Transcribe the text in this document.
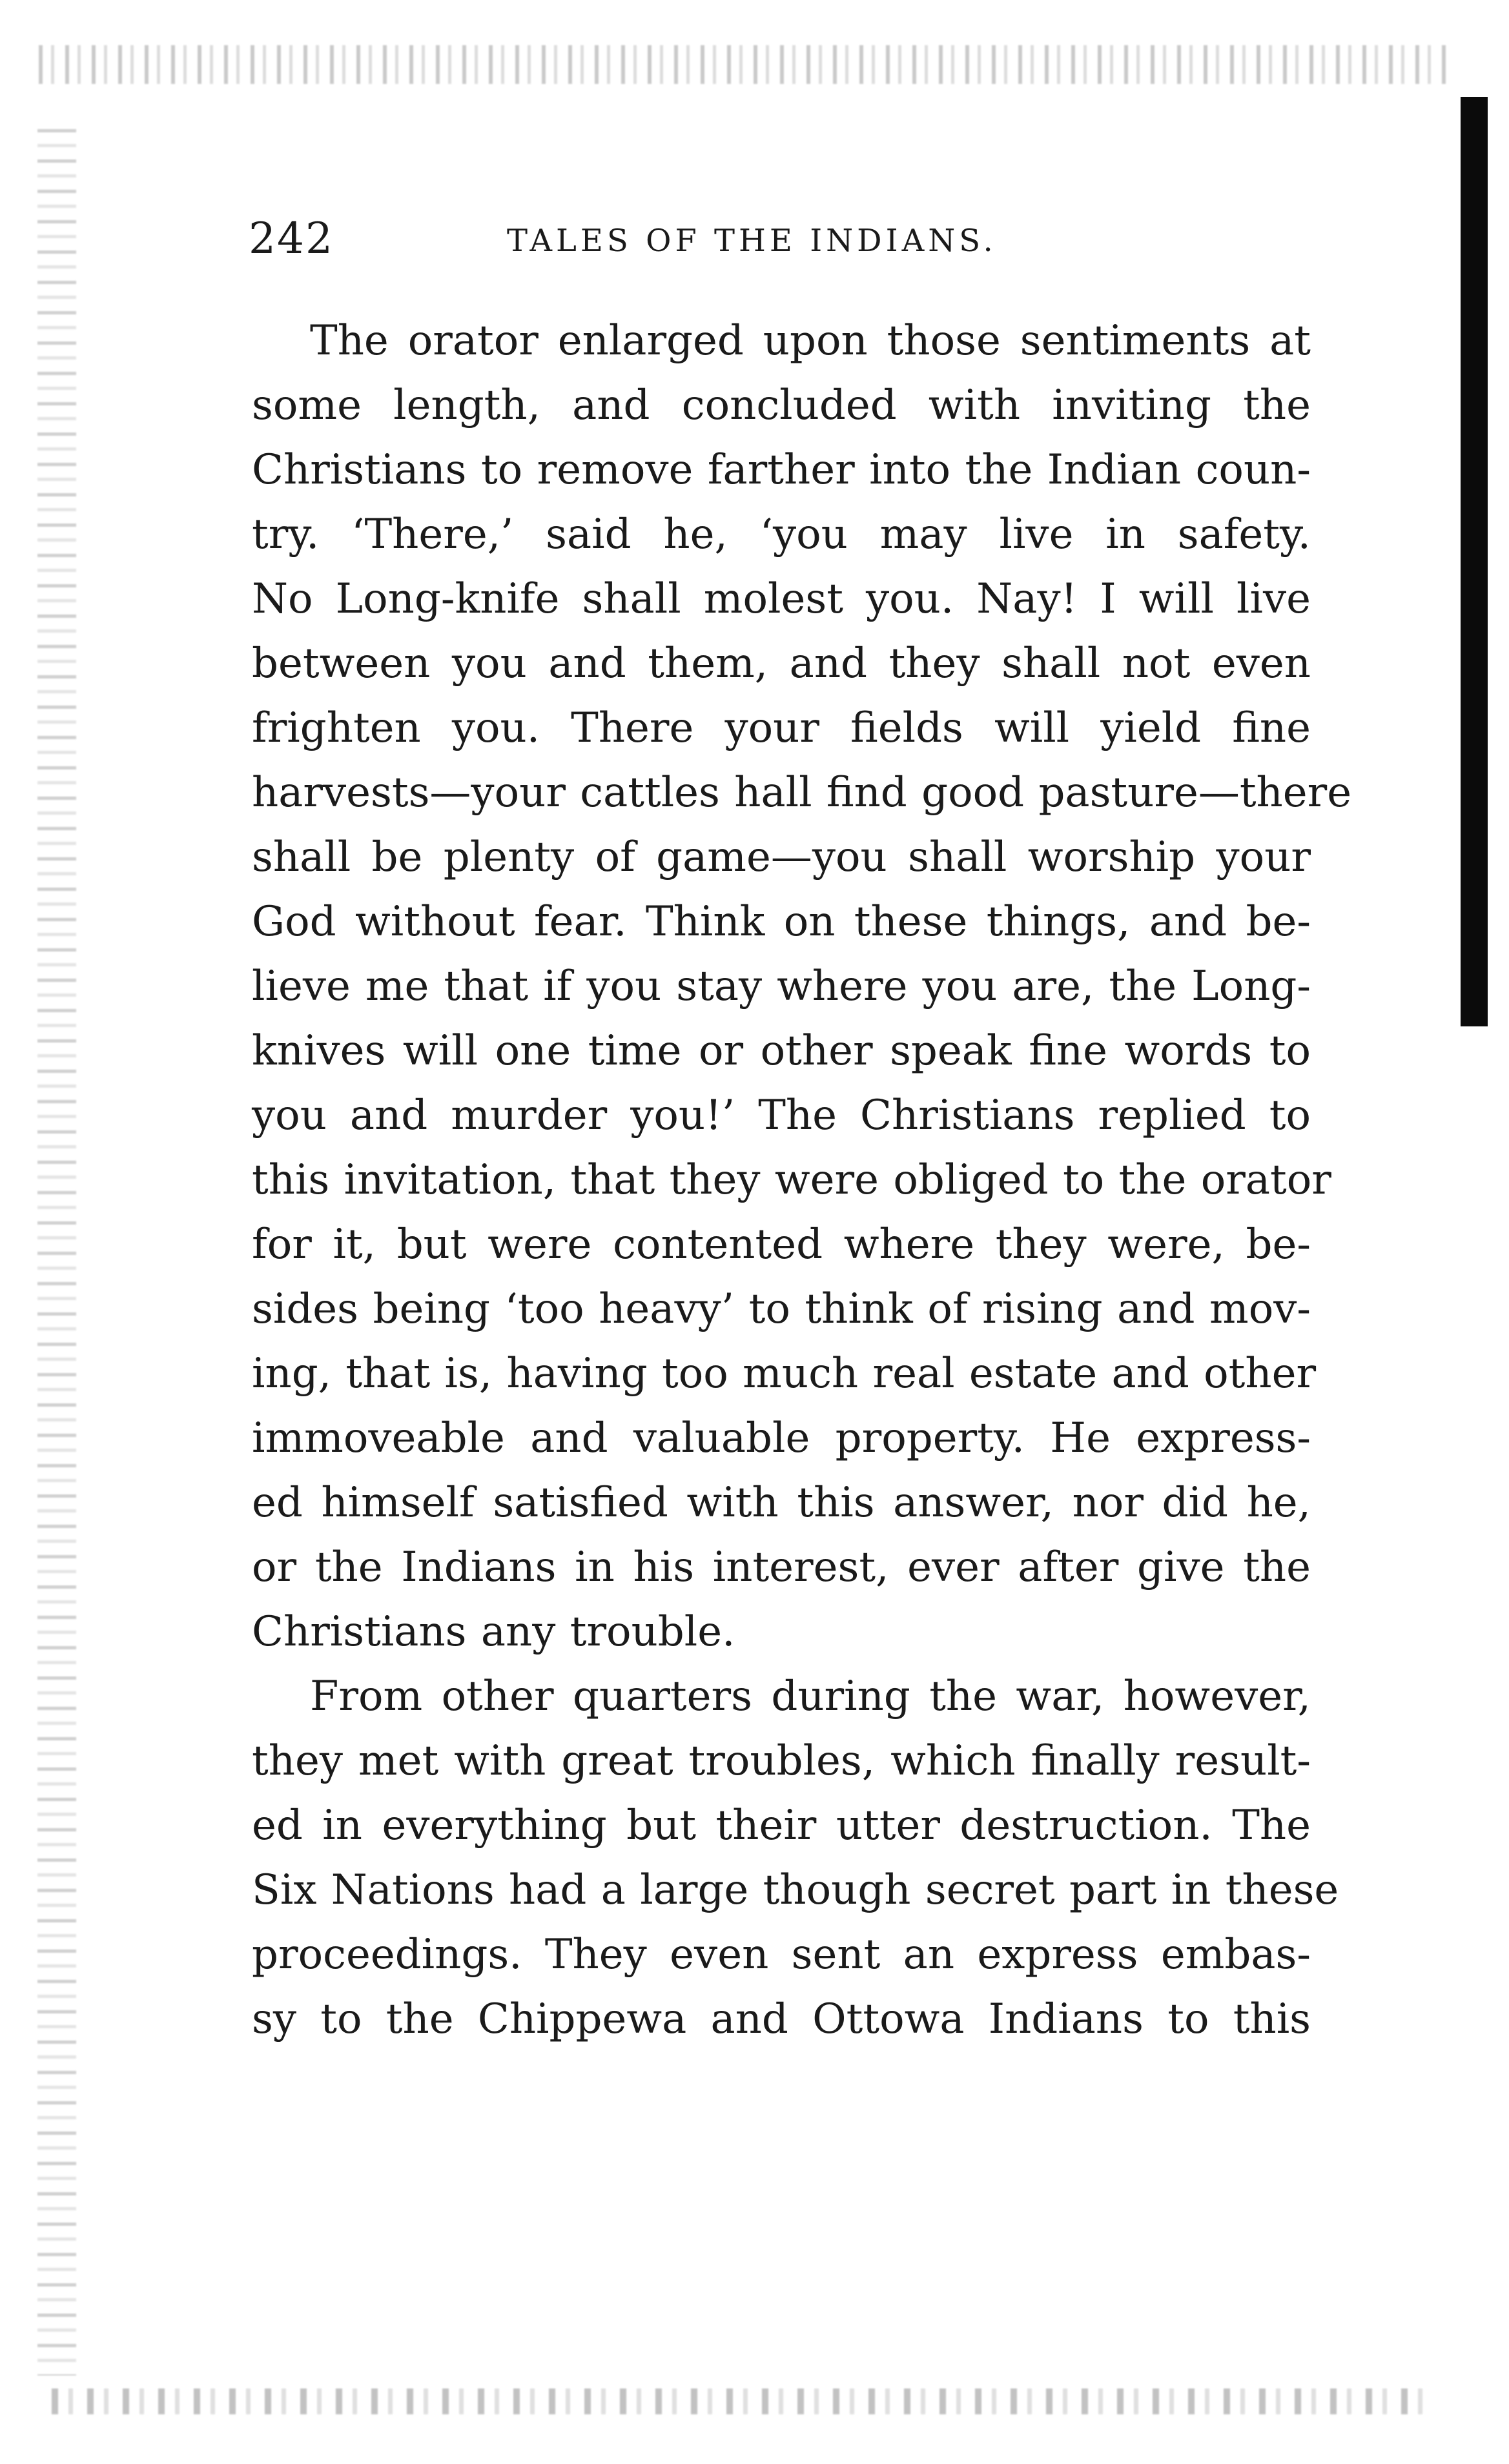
242	TALES OF THE INDIANS.
The orator enlarged upon those sentiments at
some length, and concluded with inviting the
Christians to remove farther into the Indian coun-
try. ‘There,’ said he, ‘you may live in safety.
No Long-knife shall molest you. Nay! I will live
between you and them, and they shall not even
frighten you. There your fields will yield fine
harvests—your cattles hall find good pasture—there
shall be plenty of game—you shall worship your
God without fear. Think on these things, and be-
lieve me that if you stay where you are, the Long-
knives will one time or other speak fine words to
you and murder you!’ The Christians replied to
this invitation, that they were obliged to the orator
for it, but were contented where they were, be-
sides being ‘too heavy’ to think of rising and mov-
ing, that is, having too much real estate and other
immoveable and valuable property. He express-
ed himself satisfied with this answer, nor did he,
or the Indians in his interest, ever after give the
Christians any trouble.
From other quarters during the war, however,
they met with great troubles, which finally result-
ed in everything but their utter destruction. The
Six Nations had a large though secret part in these
proceedings. They even sent an express embas-
sy to the Chippewa and Ottowa Indians to this
